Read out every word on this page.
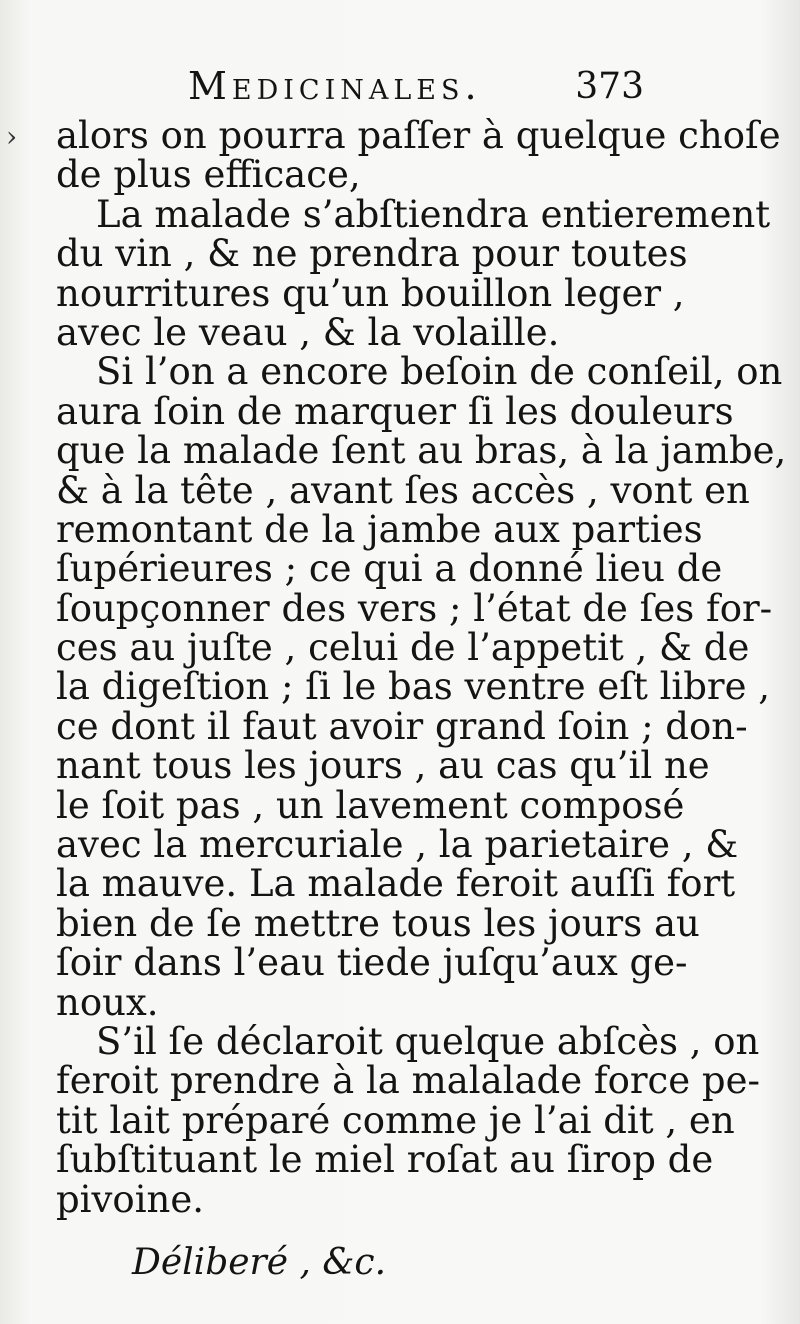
›
Medicinales.	373
alors on pourra paſſer à quelque choſe
de plus efficace,
La malade s’abſtiendra entierement
du vin , & ne prendra pour toutes
nourritures qu’un bouillon leger ,
avec le veau , & la volaille.
Si l’on a encore beſoin de conſeil, on
aura ſoin de marquer ſi les douleurs
que la malade ſent au bras, à la jambe,
& à la tête , avant ſes accès , vont en
remontant de la jambe aux parties
ſupérieures ; ce qui a donné lieu de
ſoupçonner des vers ; l’état de ſes for-
ces au juſte , celui de l’appetit , & de
la digeſtion ; ſi le bas ventre eſt libre ,
ce dont il faut avoir grand ſoin ; don-
nant tous les jours , au cas qu’il ne
le ſoit pas , un lavement composé
avec la mercuriale , la parietaire , &
la mauve. La malade feroit auſſi fort
bien de ſe mettre tous les jours au
ſoir dans l’eau tiede juſqu’aux ge-
noux.
S’il ſe déclaroit quelque abſcès , on
feroit prendre à la malalade force pe-
tit lait préparé comme je l’ai dit , en
ſubſtituant le miel roſat au ſirop de
pivoine.
Déliberé , &c.
